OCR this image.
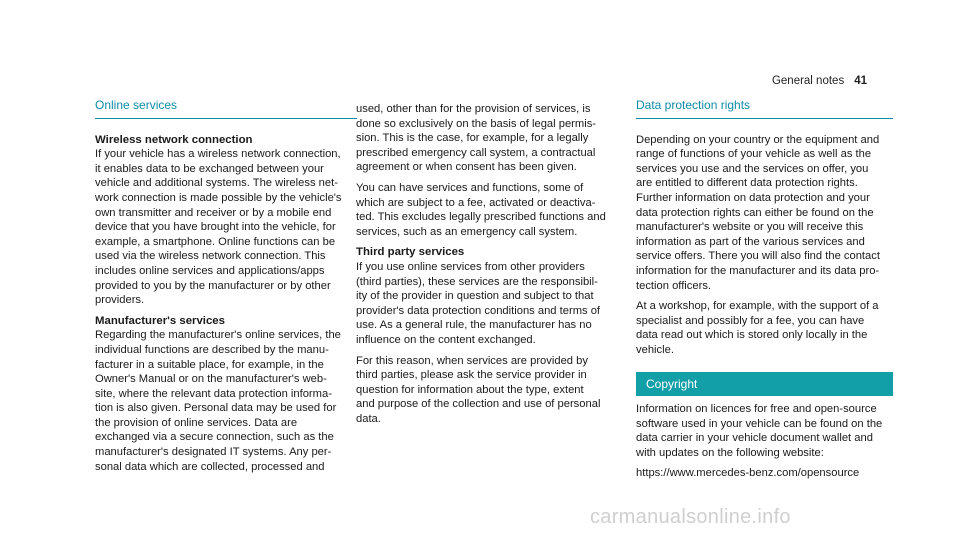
General notes 41
Online services
Wireless network connection

If your vehicle has a wireless network connection,
it enables data to be exchanged between your
vehicle and additional systems. The wireless net-
work connection is made possible by the vehicle's
own transmitter and receiver or by a mobile end
device that you have brought into the vehicle, for
example, a smartphone. Online functions can be
used via the wireless network connection. This
includes online services and applications/apps
provided to you by the manufacturer or by other
providers.

Manufacturer's services

Regarding the manufacturer's online services, the
individual functions are described by the manu-
facturer in a suitable place, for example, in the
Owner's Manual or on the manufacturer's web-
site, where the relevant data protection informa-
tion is also given. Personal data may be used for
the provision of online services. Data are
exchanged via a secure connection, such as the
manufacturer's designated IT systems. Any per-
sonal data which are collected, processed and

used, other than for the provision of services, is
done so exclusively on the basis of legal permis-
sion. This is the case, for example, for a legally
prescribed emergency call system, a contractual
agreement or when consent has been given.

You can have services and functions, some of
which are subject to a fee, activated or deactiva-
ted. This excludes legally prescribed functions and
services, such as an emergency call system.

Third party services

If you use online services from other providers
(third parties), these services are the responsibil-
ity of the provider in question and subject to that
provider's data protection conditions and terms of
use. As a general rule, the manufacturer has no
influence on the content exchanged.

For this reason, when services are provided by
third parties, please ask the service provider in
question for information about the type, extent
and purpose of the collection and use of personal
data.

Data protection rights

Depending on your country or the equipment and
range of functions of your vehicle as well as the
services you use and the services on offer, you
are entitled to different data protection rights.
Further information on data protection and your
data protection rights can either be found on the
manufacturer's website or you will receive this
information as part of the various services and
service offers. There you will also find the contact
information for the manufacturer and its data pro-
tection officers.

At a workshop, for example, with the support of a
specialist and possibly for a fee, you can have
data read out which is stored only locally in the
vehicle.

Copyright

Information on licences for free and open-source
software used in your vehicle can be found on the
data carrier in your vehicle document wallet and
with updates on the following website:

https://www.mercedes-benz.com/opensource

carmanualsonline.info
